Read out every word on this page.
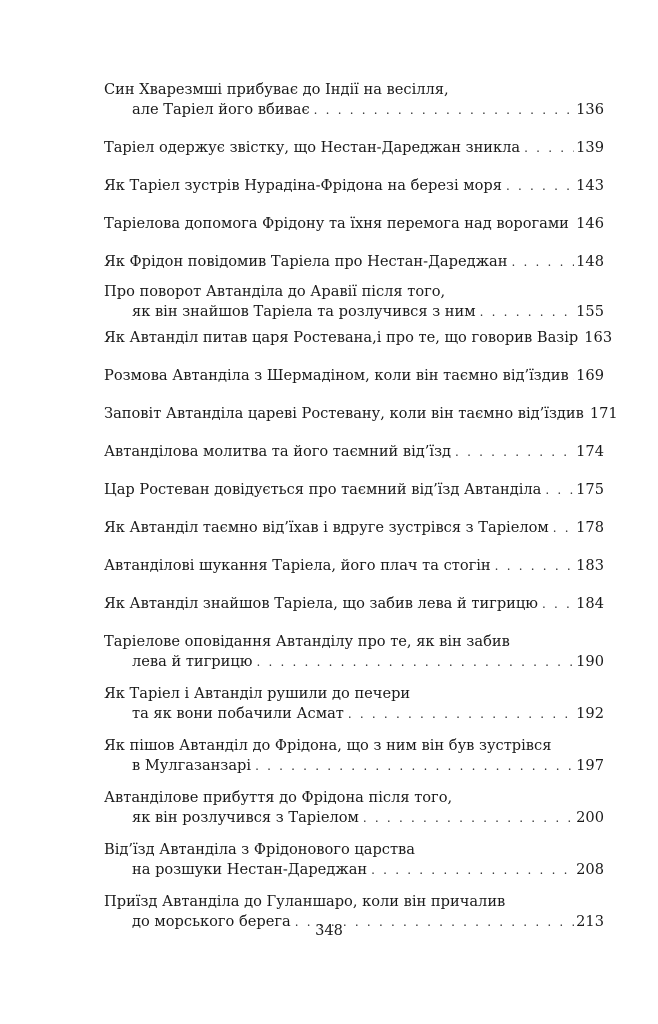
Син Хварезмші прибуває до Індії на весілля,
але Таріел його вбиває . . .	136
Таріел одержує звістку, що Нестан-Дареджан зникла . . .	139
Як Таріел зустрів Нурадіна-Фрідона на березі моря . . .	143
Таріелова допомога Фрідону та їхня перемога над ворогами . . . 146
Як Фрідон повідомив Таріела про Нестан-Дареджан . . .	148
Про поворот Автанділа до Аравії після того,
як він знайшов Таріела та розлучився з ним . . .	155
Як Автанділ питав царя Ростевана,і про те, що говорив Вазір 163
Розмова Автанділа з Шермадіном, коли він таємно від’їздив . . . 169
Заповіт Автанділа цареві Ростевану, коли він таємно від’їздив 171
Автанділова молитва та його таємний від’їзд . . .	174
Цар Ростеван довідується про таємний від’їзд Автанділа . . . 175
Як Автанділ таємно від’їхав і вдруге зустрівся з Таріелом . . . 178
Автанділові шукання Таріела, його плач та стогін . . .	183
Як Автанділ знайшов Таріела, що забив лева й тигрицю . . .	184
Таріелове оповідання Автанділу про те, як він забив
лева й тигрицю . . .	190
Як Таріел і Автанділ рушили до печери
та як вони побачили Асмат . . .	192
Як пішов Автанділ до Фрідона, що з ним він був зустрівся
в Мулгазанзарі . . .	197
Автанділове прибуття до Фрідона після того,
як він розлучився з Таріелом . . .	200
Від’їзд Автанділа з Фрідонового царства
на розшуки Нестан-Дареджан . . .	208
Приїзд Автанділа до Гуланшаро, коли він причалив
до морського берега . . .	213
348
